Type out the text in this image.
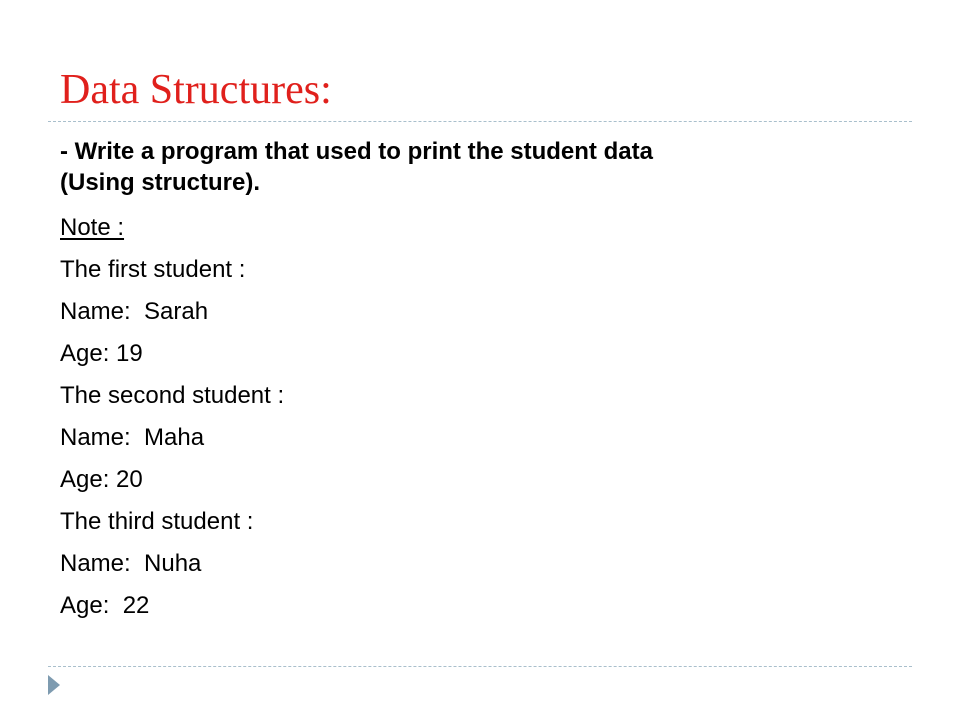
Data Structures:

- Write a program that used to print the student data
(Using structure).

Note :

The first student :

Name:  Sarah

Age: 19

The second student :

Name:  Maha

Age: 20

The third student :

Name:  Nuha

Age:  22
